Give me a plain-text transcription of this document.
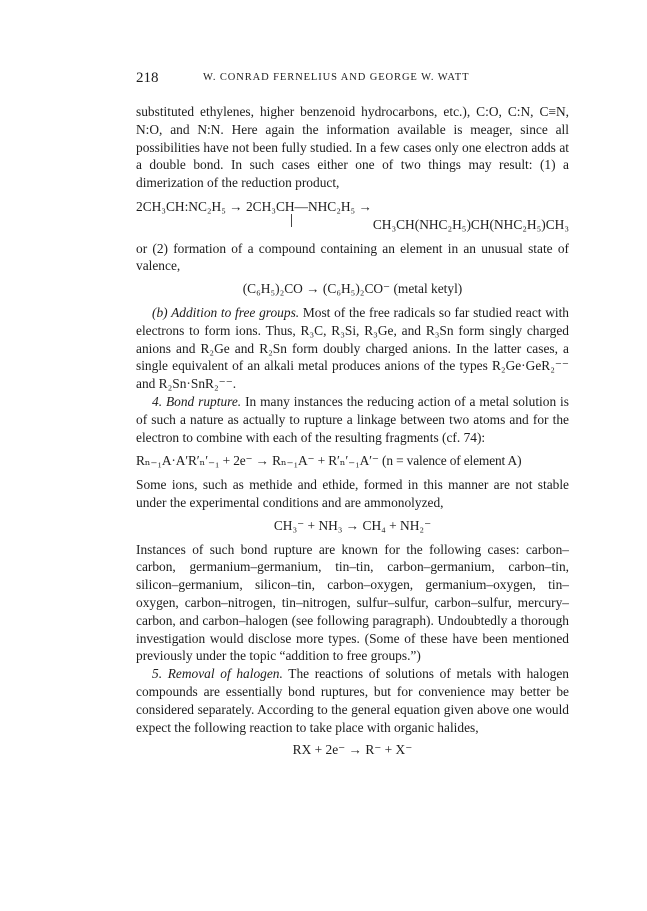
218	W. CONRAD FERNELIUS AND GEORGE W. WATT

substituted ethylenes, higher benzenoid hydrocarbons, etc.), C:O, C:N, C≡N, N:O, and N:N. Here again the information available is meager, since all possibilities have not been fully studied. In a few cases only one electron adds at a double bond. In such cases either one of two things may result: (1) a dimerization of the reduction product,

2CH₃CH:NC₂H₅ → 2CH₃CH—NHC₂H₅ →
CH₃CH(NHC₂H₅)CH(NHC₂H₅)CH₃

or (2) formation of a compound containing an element in an unusual state of valence,

(C₆H₅)₂CO → (C₆H₅)₂CO⁻ (metal ketyl)

(b) Addition to free groups. Most of the free radicals so far studied react with electrons to form ions. Thus, R₃C, R₃Si, R₃Ge, and R₃Sn form singly charged anions and R₂Ge and R₂Sn form doubly charged anions. In the latter cases, a single equivalent of an alkali metal produces anions of the types R₂Ge·GeR₂⁻⁻ and R₂Sn·SnR₂⁻⁻.

4. Bond rupture. In many instances the reducing action of a metal solution is of such a nature as actually to rupture a linkage between two atoms and for the electron to combine with each of the resulting fragments (cf. 74):

Rₙ₋₁A·A′R′ₙ′₋₁ + 2e⁻ → Rₙ₋₁A⁻ + R′ₙ′₋₁A′⁻ (n = valence of element A)

Some ions, such as methide and ethide, formed in this manner are not stable under the experimental conditions and are ammonolyzed,

CH₃⁻ + NH₃ → CH₄ + NH₂⁻

Instances of such bond rupture are known for the following cases: carbon–carbon, germanium–germanium, tin–tin, carbon–germanium, carbon–tin, silicon–germanium, silicon–tin, carbon–oxygen, germanium–oxygen, tin–oxygen, carbon–nitrogen, tin–nitrogen, sulfur–sulfur, carbon–sulfur, mercury–carbon, and carbon–halogen (see following paragraph). Undoubtedly a thorough investigation would disclose more types. (Some of these have been mentioned previously under the topic “addition to free groups.”)

5. Removal of halogen. The reactions of solutions of metals with halogen compounds are essentially bond ruptures, but for convenience may better be considered separately. According to the general equation given above one would expect the following reaction to take place with organic halides,

RX + 2e⁻ → R⁻ + X⁻
